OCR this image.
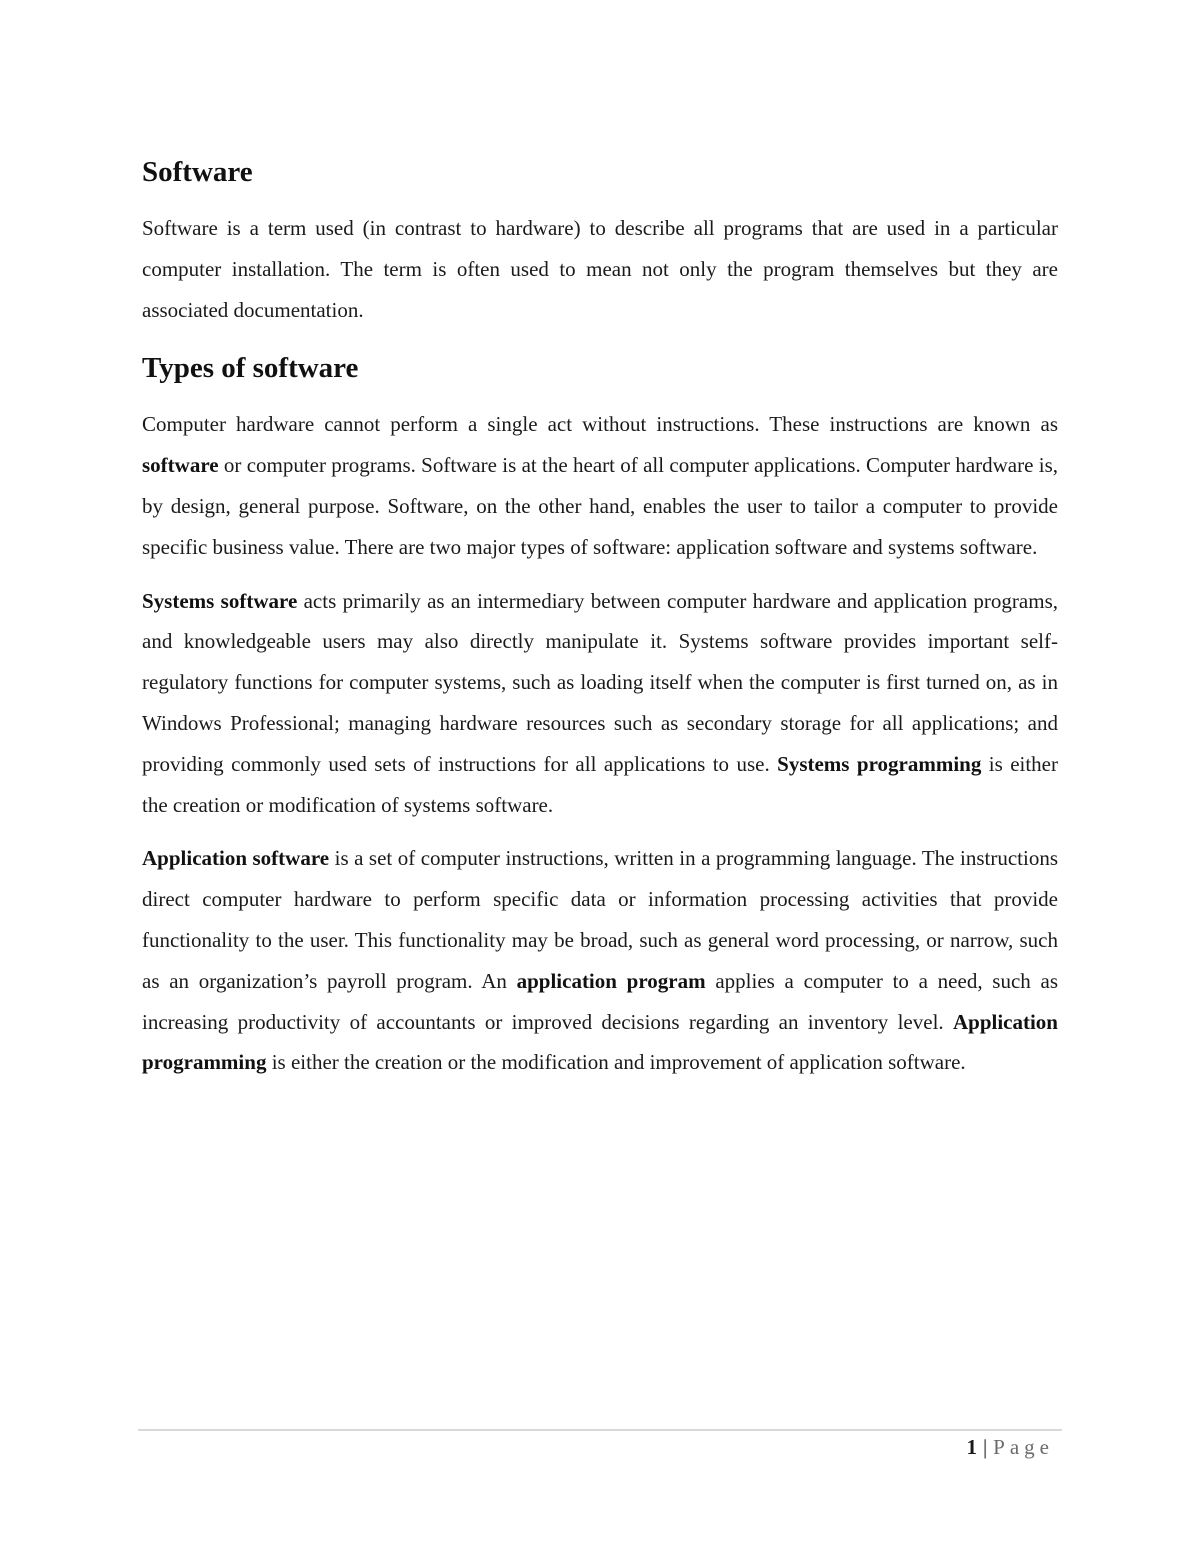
Software

Software is a term used (in contrast to hardware) to describe all programs that are used in a particular computer installation. The term is often used to mean not only the program themselves but they are associated documentation.

Types of software

Computer hardware cannot perform a single act without instructions. These instructions are known as software or computer programs. Software is at the heart of all computer applications. Computer hardware is, by design, general purpose. Software, on the other hand, enables the user to tailor a computer to provide specific business value. There are two major types of software: application software and systems software.

Systems software acts primarily as an intermediary between computer hardware and application programs, and knowledgeable users may also directly manipulate it. Systems software provides important self-regulatory functions for computer systems, such as loading itself when the computer is first turned on, as in Windows Professional; managing hardware resources such as secondary storage for all applications; and providing commonly used sets of instructions for all applications to use. Systems programming is either the creation or modification of systems software.

Application software is a set of computer instructions, written in a programming language. The instructions direct computer hardware to perform specific data or information processing activities that provide functionality to the user. This functionality may be broad, such as general word processing, or narrow, such as an organization’s payroll program. An application program applies a computer to a need, such as increasing productivity of accountants or improved decisions regarding an inventory level. Application programming is either the creation or the modification and improvement of application software.

1 | Page
